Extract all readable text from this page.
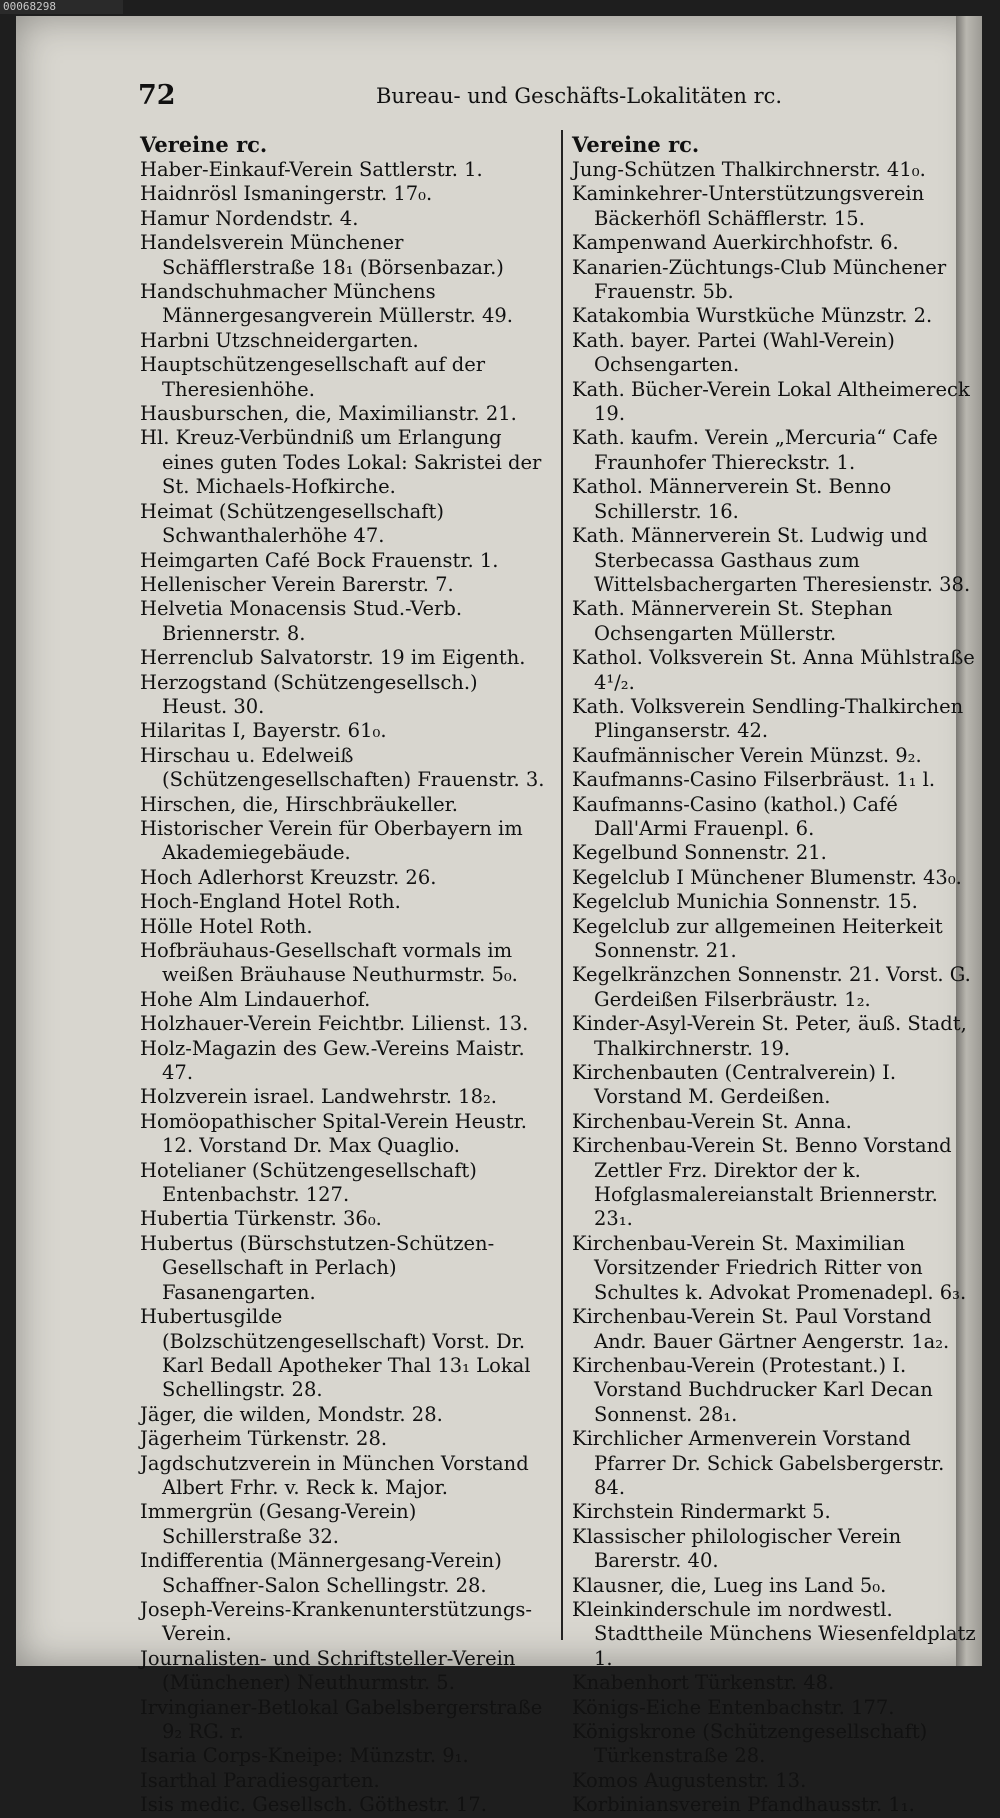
00068298
72	Bureau- und Geschäfts-Lokalitäten rc.
Vereine rc.
Haber-Einkauf-Verein Sattlerstr. 1.
Haidnrösl Ismaningerstr. 17₀.
Hamur Nordendstr. 4.
Handelsverein Münchener Schäfflerstraße 18₁ (Börsenbazar.)
Handschuhmacher Münchens Männergesangverein Müllerstr. 49.
Harbni Utzschneidergarten.
Hauptschützengesellschaft auf der Theresienhöhe.
Hausburschen, die, Maximilianstr. 21.
Hl. Kreuz-Verbündniß um Erlangung eines guten Todes Lokal: Sakristei der St. Michaels-Hofkirche.
Heimat (Schützengesellschaft) Schwanthalerhöhe 47.
Heimgarten Café Bock Frauenstr. 1.
Hellenischer Verein Barerstr. 7.
Helvetia Monacensis Stud.-Verb. Briennerstr. 8.
Herrenclub Salvatorstr. 19 im Eigenth.
Herzogstand (Schützengesellsch.) Heust. 30.
Hilaritas I, Bayerstr. 61₀.
Hirschau u. Edelweiß (Schützengesellschaften) Frauenstr. 3.
Hirschen, die, Hirschbräukeller.
Historischer Verein für Oberbayern im Akademiegebäude.
Hoch Adlerhorst Kreuzstr. 26.
Hoch-England Hotel Roth.
Hölle Hotel Roth.
Hofbräuhaus-Gesellschaft vormals im weißen Bräuhause Neuthurmstr. 5₀.
Hohe Alm Lindauerhof.
Holzhauer-Verein Feichtbr. Lilienst. 13.
Holz-Magazin des Gew.-Vereins Maistr. 47.
Holzverein israel. Landwehrstr. 18₂.
Homöopathischer Spital-Verein Heustr. 12. Vorstand Dr. Max Quaglio.
Hotelianer (Schützengesellschaft) Entenbachstr. 127.
Hubertia Türkenstr. 36₀.
Hubertus (Bürschstutzen-Schützen-Gesellschaft in Perlach) Fasanengarten.
Hubertusgilde (Bolzschützengesellschaft) Vorst. Dr. Karl Bedall Apotheker Thal 13₁ Lokal Schellingstr. 28.
Jäger, die wilden, Mondstr. 28.
Jägerheim Türkenstr. 28.
Jagdschutzverein in München Vorstand Albert Frhr. v. Reck k. Major.
Immergrün (Gesang-Verein) Schillerstraße 32.
Indifferentia (Männergesang-Verein) Schaffner-Salon Schellingstr. 28.
Joseph-Vereins-Krankenunterstützungs-Verein.
Journalisten- und Schriftsteller-Verein (Münchener) Neuthurmstr. 5.
Irvingianer-Betlokal Gabelsbergerstraße 9₂ RG. r.
Isaria Corps-Kneipe: Münzstr. 9₁.
Isarthal Paradiesgarten.
Isis medic. Gesellsch. Göthestr. 17.
Vereine rc.
Jung-Schützen Thalkirchnerstr. 41₀.
Kaminkehrer-Unterstützungsverein Bäckerhöfl Schäfflerstr. 15.
Kampenwand Auerkirchhofstr. 6.
Kanarien-Züchtungs-Club Münchener Frauenstr. 5b.
Katakombia Wurstküche Münzstr. 2.
Kath. bayer. Partei (Wahl-Verein) Ochsengarten.
Kath. Bücher-Verein Lokal Altheimereck 19.
Kath. kaufm. Verein „Mercuria“ Cafe Fraunhofer Thiereckstr. 1.
Kathol. Männerverein St. Benno Schillerstr. 16.
Kath. Männerverein St. Ludwig und Sterbecassa Gasthaus zum Wittelsbachergarten Theresienstr. 38.
Kath. Männerverein St. Stephan Ochsengarten Müllerstr.
Kathol. Volksverein St. Anna Mühlstraße 4¹/₂.
Kath. Volksverein Sendling-Thalkirchen Plinganserstr. 42.
Kaufmännischer Verein Münzst. 9₂.
Kaufmanns-Casino Filserbräust. 1₁ l.
Kaufmanns-Casino (kathol.) Café Dall'Armi Frauenpl. 6.
Kegelbund Sonnenstr. 21.
Kegelclub I Münchener Blumenstr. 43₀.
Kegelclub Munichia Sonnenstr. 15.
Kegelclub zur allgemeinen Heiterkeit Sonnenstr. 21.
Kegelkränzchen Sonnenstr. 21. Vorst. G. Gerdeißen Filserbräustr. 1₂.
Kinder-Asyl-Verein St. Peter, äuß. Stadt, Thalkirchnerstr. 19.
Kirchenbauten (Centralverein) I. Vorstand M. Gerdeißen.
Kirchenbau-Verein St. Anna.
Kirchenbau-Verein St. Benno Vorstand Zettler Frz. Direktor der k. Hofglasmalereianstalt Briennerstr. 23₁.
Kirchenbau-Verein St. Maximilian Vorsitzender Friedrich Ritter von Schultes k. Advokat Promenadepl. 6₃.
Kirchenbau-Verein St. Paul Vorstand Andr. Bauer Gärtner Aengerstr. 1a₂.
Kirchenbau-Verein (Protestant.) I. Vorstand Buchdrucker Karl Decan Sonnenst. 28₁.
Kirchlicher Armenverein Vorstand Pfarrer Dr. Schick Gabelsbergerstr. 84.
Kirchstein Rindermarkt 5.
Klassischer philologischer Verein Barerstr. 40.
Klausner, die, Lueg ins Land 5₀.
Kleinkinderschule im nordwestl. Stadttheile Münchens Wiesenfeldplatz 1.
Knabenhort Türkenstr. 48.
Königs-Eiche Entenbachstr. 177.
Königskrone (Schützengesellschaft) Türkenstraße 28.
Komos Augustenstr. 13.
Korbiniansverein Pfandhausstr. 1₁.
